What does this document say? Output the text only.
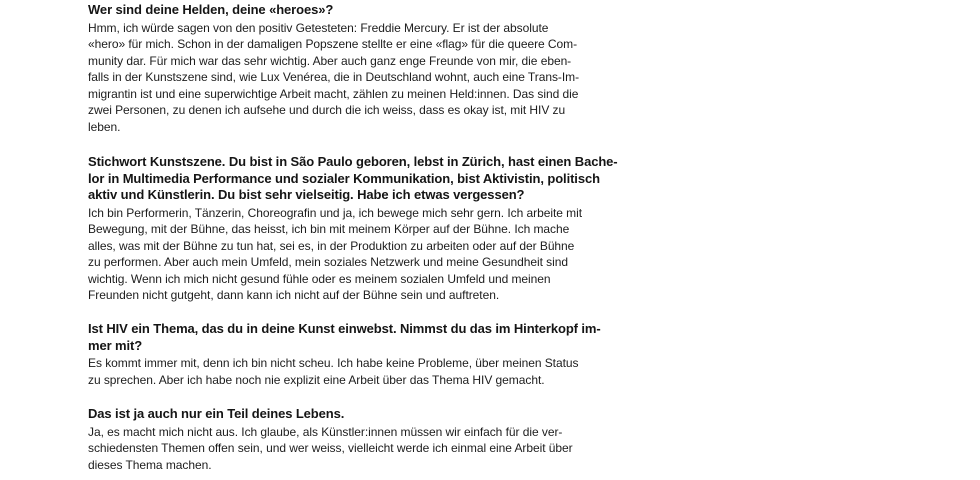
Wer sind deine Helden, deine «heroes»?

Hmm, ich würde sagen von den positiv Getesteten: Freddie Mercury. Er ist der absolute
«hero» für mich. Schon in der damaligen Popszene stellte er eine «flag» für die queere Com-
munity dar. Für mich war das sehr wichtig. Aber auch ganz enge Freunde von mir, die eben-
falls in der Kunstszene sind, wie Lux Venérea, die in Deutschland wohnt, auch eine Trans-Im-
migrantin ist und eine superwichtige Arbeit macht, zählen zu meinen Held:innen. Das sind die
zwei Personen, zu denen ich aufsehe und durch die ich weiss, dass es okay ist, mit HIV zu
leben.

Stichwort Kunstszene. Du bist in São Paulo geboren, lebst in Zürich, hast einen Bache-
lor in Multimedia Performance und sozialer Kommunikation, bist Aktivistin, politisch
aktiv und Künstlerin. Du bist sehr vielseitig. Habe ich etwas vergessen?

Ich bin Performerin, Tänzerin, Choreografin und ja, ich bewege mich sehr gern. Ich arbeite mit
Bewegung, mit der Bühne, das heisst, ich bin mit meinem Körper auf der Bühne. Ich mache
alles, was mit der Bühne zu tun hat, sei es, in der Produktion zu arbeiten oder auf der Bühne
zu performen. Aber auch mein Umfeld, mein soziales Netzwerk und meine Gesundheit sind
wichtig. Wenn ich mich nicht gesund fühle oder es meinem sozialen Umfeld und meinen
Freunden nicht gutgeht, dann kann ich nicht auf der Bühne sein und auftreten.

Ist HIV ein Thema, das du in deine Kunst einwebst. Nimmst du das im Hinterkopf im-
mer mit?

Es kommt immer mit, denn ich bin nicht scheu. Ich habe keine Probleme, über meinen Status
zu sprechen. Aber ich habe noch nie explizit eine Arbeit über das Thema HIV gemacht.

Das ist ja auch nur ein Teil deines Lebens.

Ja, es macht mich nicht aus. Ich glaube, als Künstler:innen müssen wir einfach für die ver-
schiedensten Themen offen sein, und wer weiss, vielleicht werde ich einmal eine Arbeit über
dieses Thema machen.
